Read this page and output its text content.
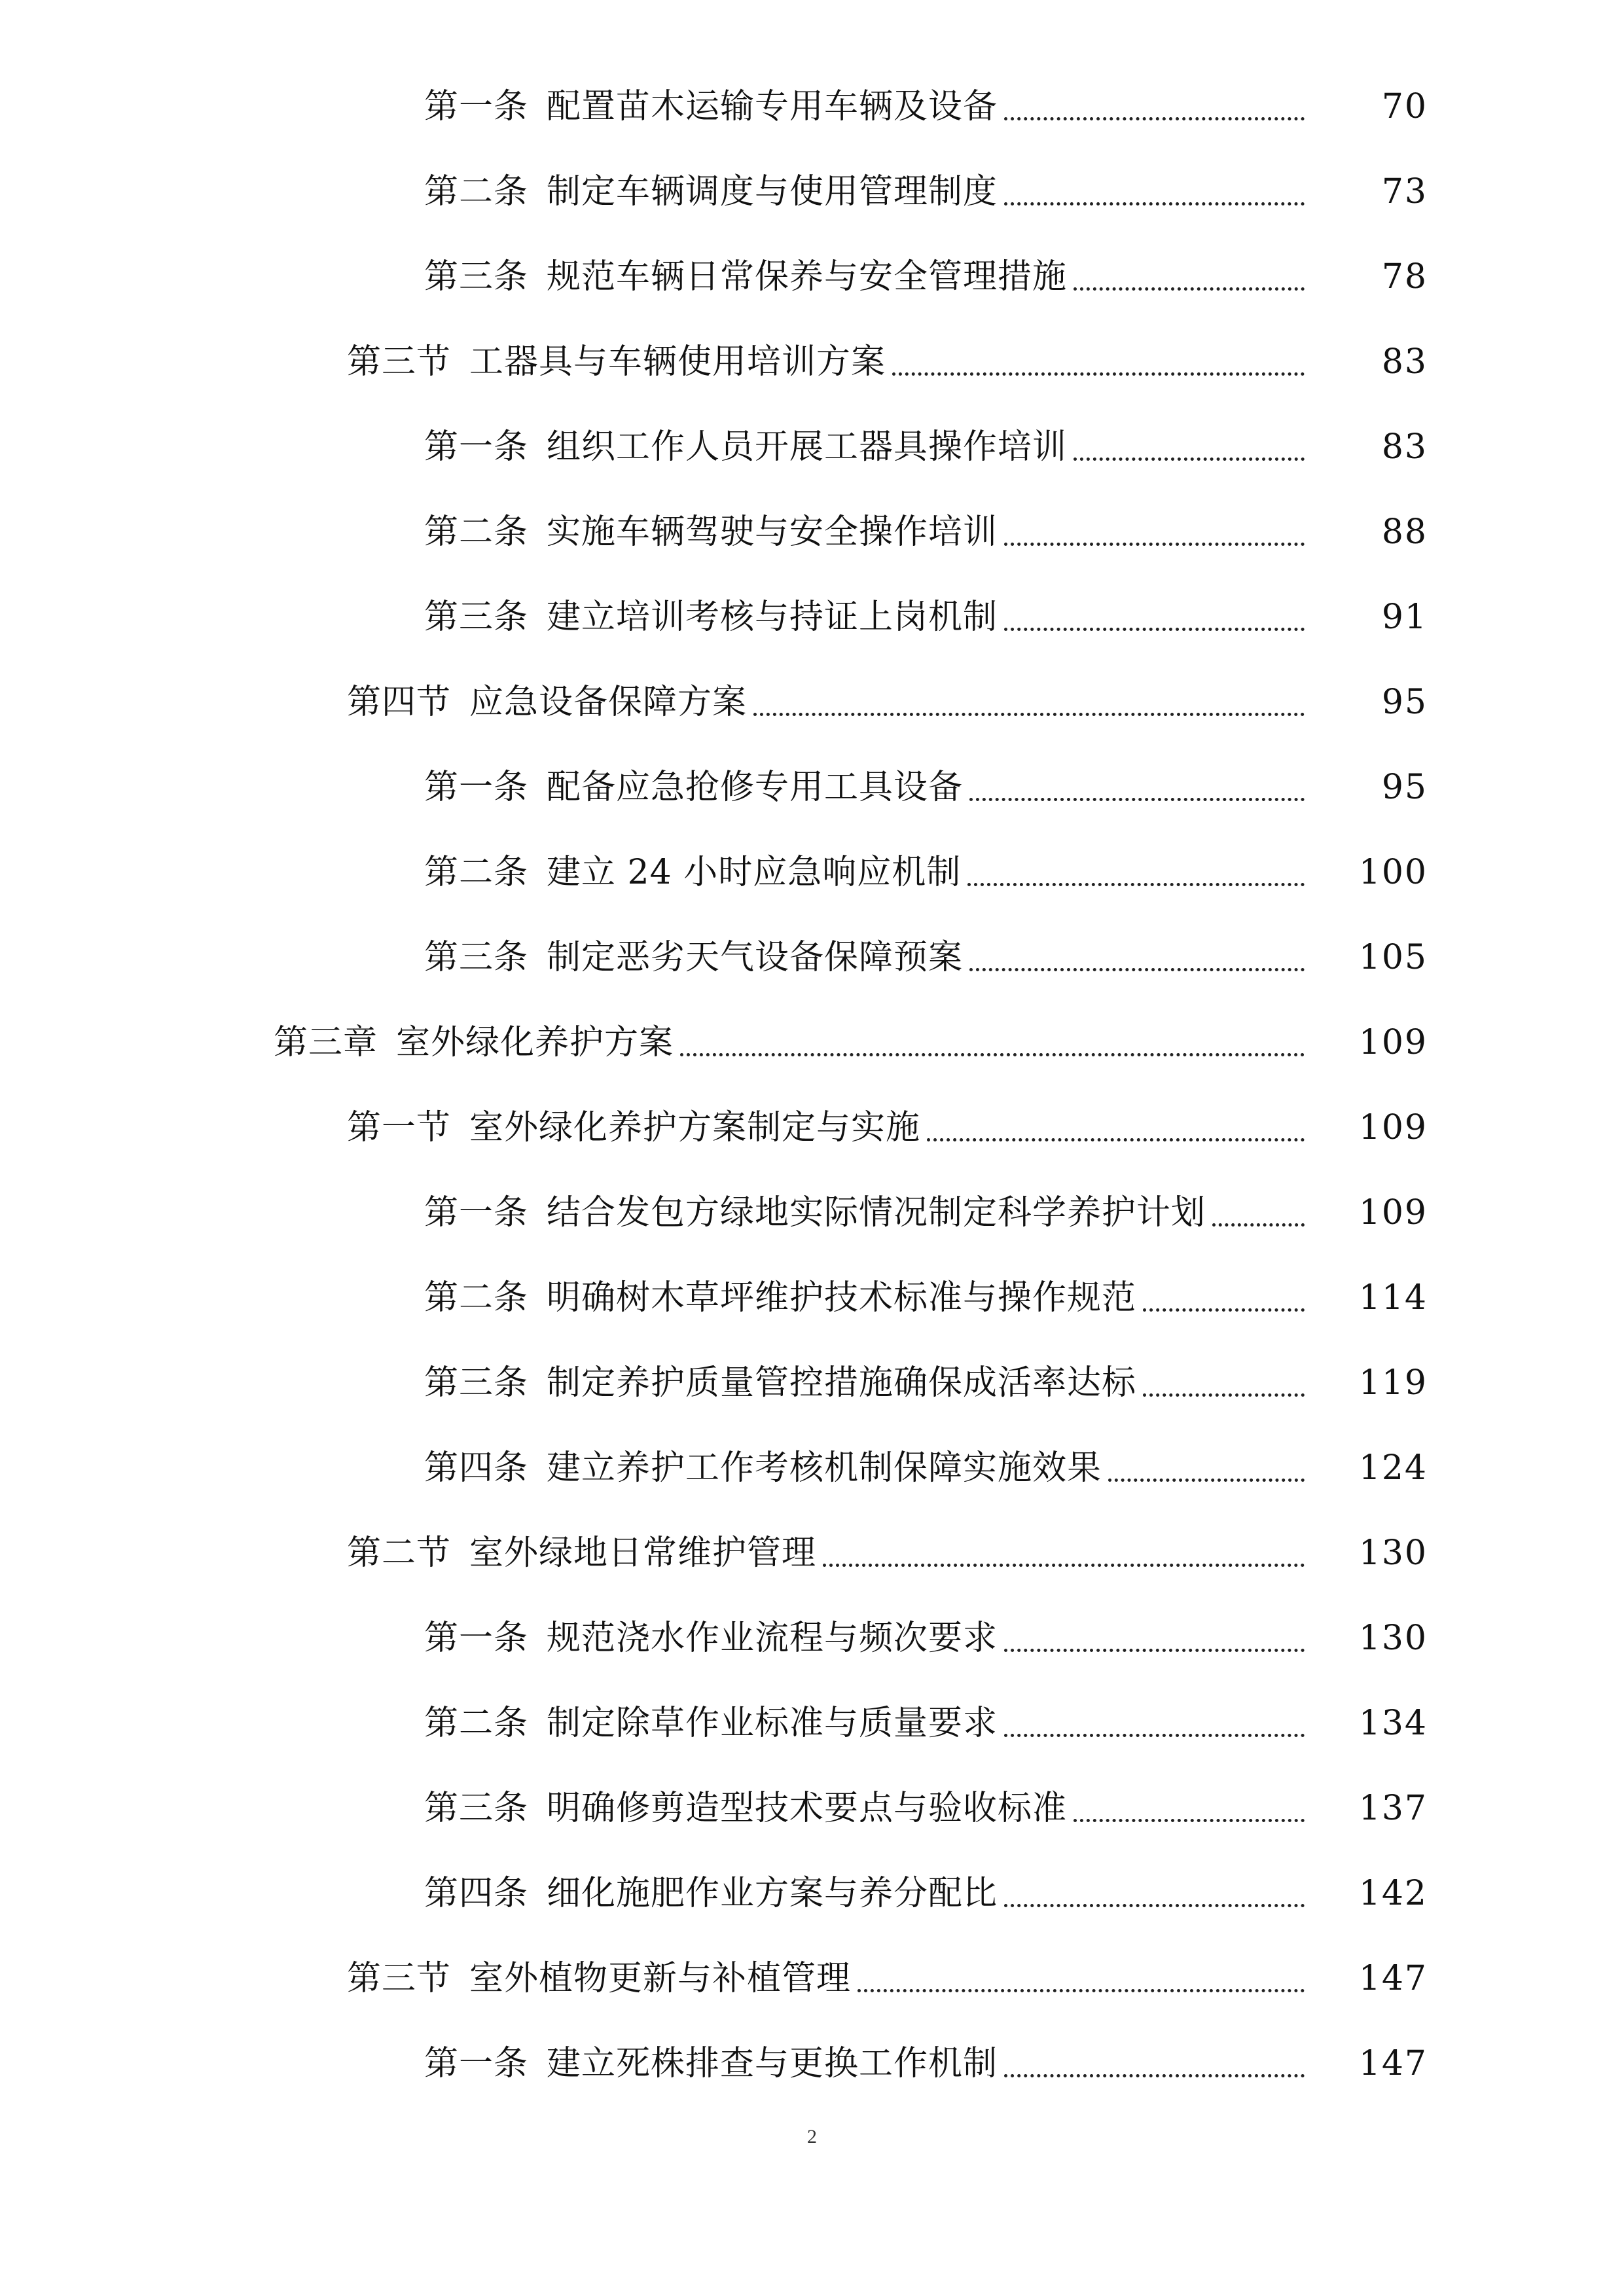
第一条 配置苗木运输专用车辆及设备	70
第二条 制定车辆调度与使用管理制度	73
第三条 规范车辆日常保养与安全管理措施	78
第三节 工器具与车辆使用培训方案	83
第一条 组织工作人员开展工器具操作培训	83
第二条 实施车辆驾驶与安全操作培训	88
第三条 建立培训考核与持证上岗机制	91
第四节 应急设备保障方案	95
第一条 配备应急抢修专用工具设备	95
第二条 建立 24 小时应急响应机制	100
第三条 制定恶劣天气设备保障预案	105
第三章 室外绿化养护方案	109
第一节 室外绿化养护方案制定与实施	109
第一条 结合发包方绿地实际情况制定科学养护计划	109
第二条 明确树木草坪维护技术标准与操作规范	114
第三条 制定养护质量管控措施确保成活率达标	119
第四条 建立养护工作考核机制保障实施效果	124
第二节 室外绿地日常维护管理	130
第一条 规范浇水作业流程与频次要求	130
第二条 制定除草作业标准与质量要求	134
第三条 明确修剪造型技术要点与验收标准	137
第四条 细化施肥作业方案与养分配比	142
第三节 室外植物更新与补植管理	147
第一条 建立死株排查与更换工作机制	147
2
